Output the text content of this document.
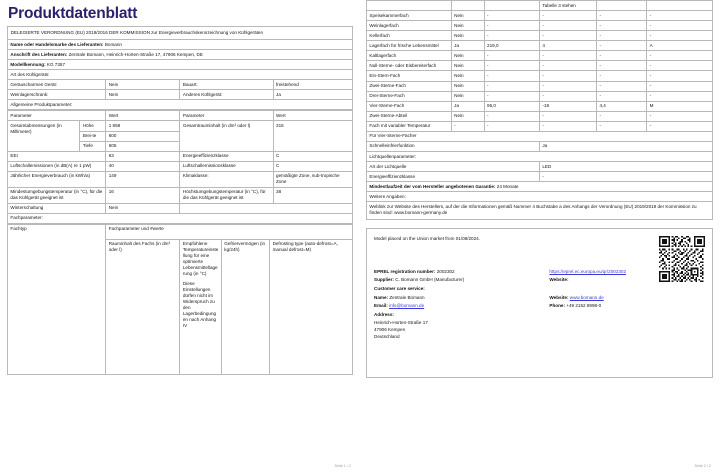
Produktdatenblatt
DELEGIERTE VERORDNUNG (EU) 2019/2016 DER KOMMISSION zur Energieverbrauchskennzeichnung von Kühlgeräten
Name oder Handelsmarke des Lieferanten: Bomann			
Anschrift des Lieferanten: Zentrale Bomann, Heinrich-Horten-Straße 17, 47906 Kempen, DE			
Modellkennung: KG 7357			
Art des Kühlgeräts:			
Geräuscharmes Gerät:	Nein	Bauart:	freistehend
Weinlagerschrank:	Nein	Anderes Kühlgerät:	Ja
Allgemeine Produktparameter:			
Parameter		Wert	Parameter	Wert
Gesamtabmessungen (in Millimeter)	Höhe	1 858	Gesamtrauminhalt (in dm³ oder l)	315
	Brei-te	600		
	Tiefe	605		
EEI		63	Energieeffizienzklasse	C
Luftschallemissionen (in dB(A) re 1 pW)		40	Luftschallemissionsklasse	C
Jährlicher Energieverbrauch (in kWh/a)		149	Klimaklasse:	gemäßigte Zone, sub-tropische Zone
Mindestumgebungstemperatur (in °C), für die das Kühlgerät geeignet ist		16	Höchstumgebungstemperatur (in °C), für die das Kühlgerät geeignet ist	38
Winterschaltung		Nein		
Fachparameter:				
Fachtyp	Fachparameter und #werte			
	Rauminhalt des Fachs (in dm³ oder l)	Empfohlene Temperatureinstellung für eine optimierte Lebensmittellagerung (in °C)
Diese Einstellungen dürfen nicht im Widerspruch zu den Lagerbedingungen nach Anhang IV	Gefriervermögen (in kg/24h)	Defrosting type (auto-defrost=A, manual defrost=M)
Seite 1 / 2
			Tabelle 3 stehen		
Speisekammerfach	Nein	-	-	-	-
Weinlagerfach	Nein	-	-	-	-
Kellerfach	Nein	-	-	-	-
Lagerfach für frische Lebensmittel	Ja	219,0	4	-	A
Kaltlagerfach	Nein	-	-	-	-
Null-Sterne- oder Eisbereiterfach	Nein	-	-	-	-
Ein-Stern-Fach	Nein	-	-	-	-
Zwei-Sterne-Fach	Nein	-	-	-	-
Drei-Sterne-Fach	Nein	-	-	-	-
Vier-Sterne-Fach	Ja	96,0	-18	4,4	M
Zwei-Sterne-Abteil	Nein	-	-	-	-
Fach mit variabler Temperatur	-	-	-	-	-
Für Vier-Sterne-Fächer					
Schnelleinfrierfunktion			Ja		
Lichtquellenparameter:					
Art der Lichtquelle			LED		
Energieeffizienzklasse			-		
Mindestlaufzeit der vom Hersteller angebotenen Garantie: 24 Monate					
Weitere Angaben:					
Weblink zur Website des Herstellers, auf der die Informationen gemäß Nummer 4 Buchstabe a des Anhangs der Verordnung (EU) 2019/2019 der Kommission zu finden sind: www.bomann-germany.de					
Model placed on the Union market from 01/08/2024.
EPREL registration number: 2002302
Supplier: C. Bomann GmbH (Manufacturer)
Customer care service:
Name: Zentrale Bomann
Email: info@bomann.de
Address:
Heinrich-Horten-Straße 17
47906 Kempen
Deutschland
https://eprel.ec.europa.eu/qr/2002302
Website:

Website: www.bomann.de
Phone: +49 2152 8998-0
Seite 2 / 2
